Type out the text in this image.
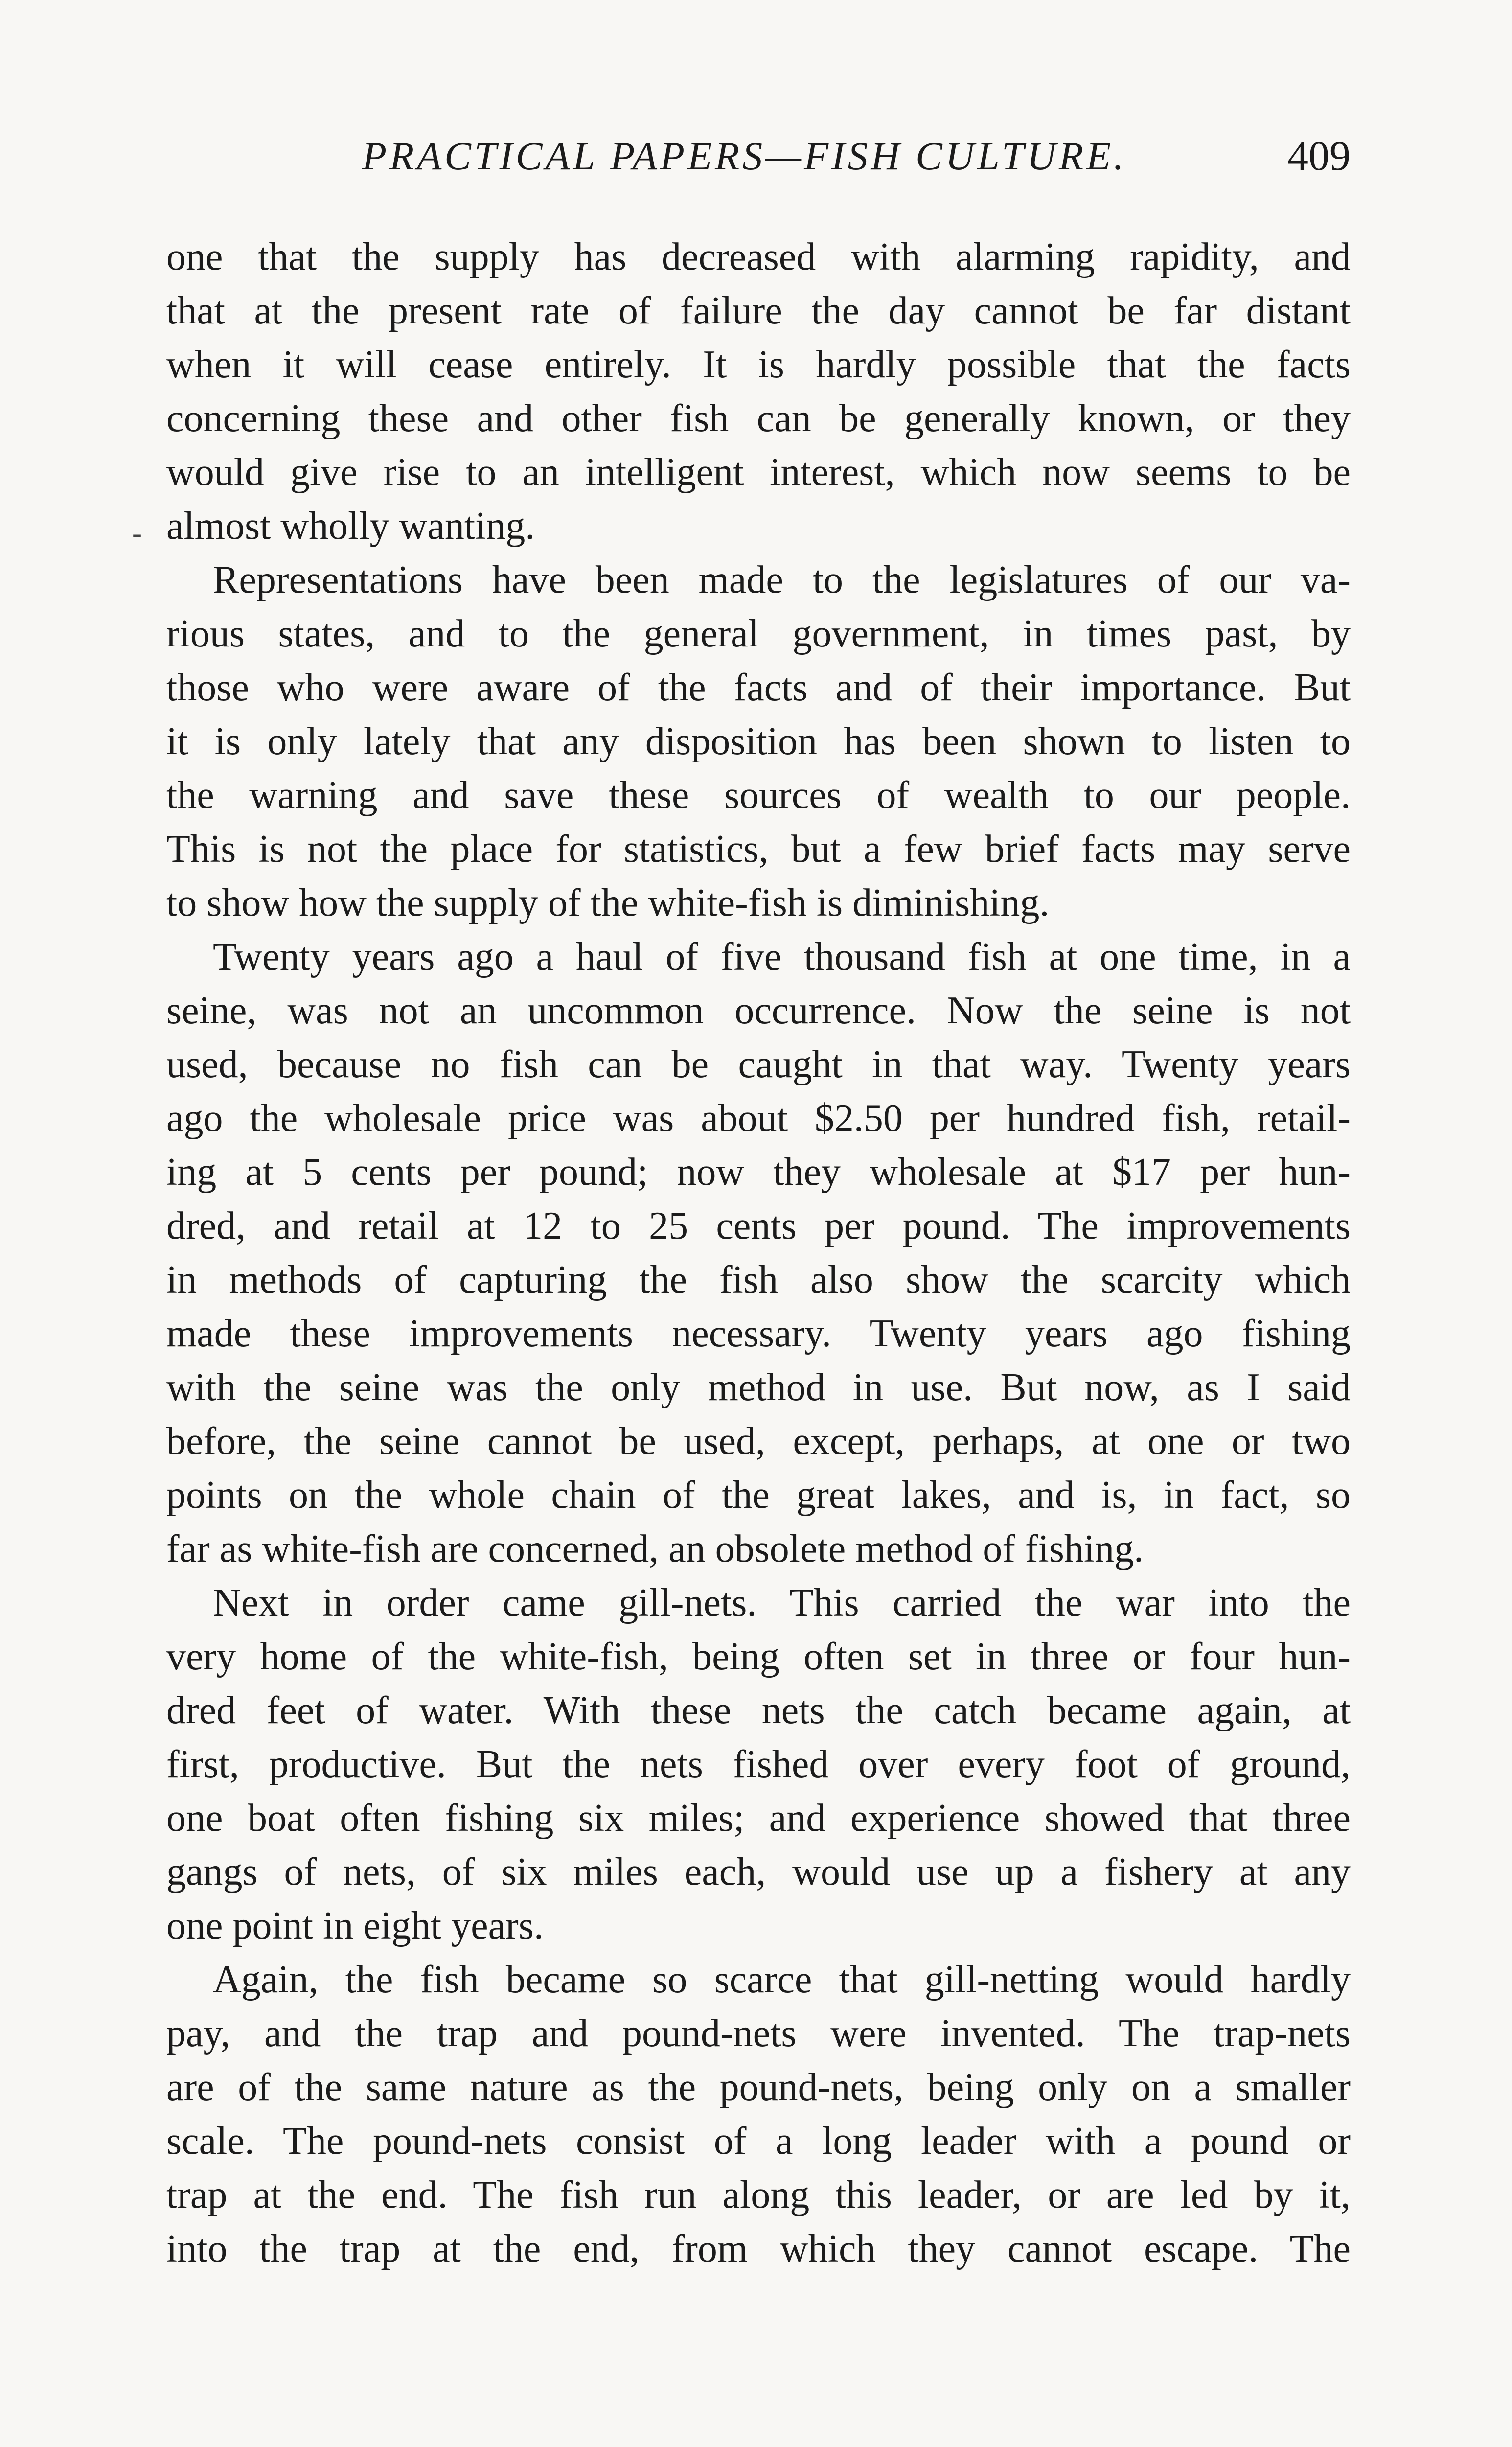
PRACTICAL PAPERS—FISH CULTURE.	409
-
one that the supply has decreased with alarming rapidity, and
that at the present rate of failure the day cannot be far distant
when it will cease entirely. It is hardly possible that the facts
concerning these and other fish can be generally known, or they
would give rise to an intelligent interest, which now seems to be
almost wholly wanting.
Representations have been made to the legislatures of our va-
rious states, and to the general government, in times past, by
those who were aware of the facts and of their importance. But
it is only lately that any disposition has been shown to listen to
the warning and save these sources of wealth to our people.
This is not the place for statistics, but a few brief facts may serve
to show how the supply of the white-fish is diminishing.
Twenty years ago a haul of five thousand fish at one time, in a
seine, was not an uncommon occurrence. Now the seine is not
used, because no fish can be caught in that way. Twenty years
ago the wholesale price was about $2.50 per hundred fish, retail-
ing at 5 cents per pound; now they wholesale at $17 per hun-
dred, and retail at 12 to 25 cents per pound. The improvements
in methods of capturing the fish also show the scarcity which
made these improvements necessary. Twenty years ago fishing
with the seine was the only method in use. But now, as I said
before, the seine cannot be used, except, perhaps, at one or two
points on the whole chain of the great lakes, and is, in fact, so
far as white-fish are concerned, an obsolete method of fishing.
Next in order came gill-nets. This carried the war into the
very home of the white-fish, being often set in three or four hun-
dred feet of water. With these nets the catch became again, at
first, productive. But the nets fished over every foot of ground,
one boat often fishing six miles; and experience showed that three
gangs of nets, of six miles each, would use up a fishery at any
one point in eight years.
Again, the fish became so scarce that gill-netting would hardly
pay, and the trap and pound-nets were invented. The trap-nets
are of the same nature as the pound-nets, being only on a smaller
scale. The pound-nets consist of a long leader with a pound or
trap at the end. The fish run along this leader, or are led by it,
into the trap at the end, from which they cannot escape. The
